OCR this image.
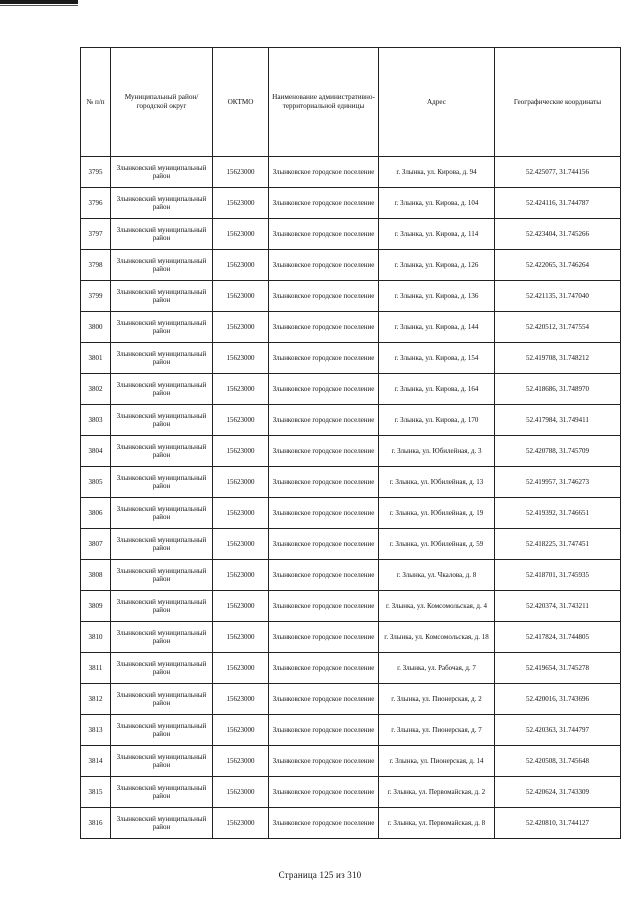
№ п/п	Муниципальный район/городской округ	ОКТМО	Наименование административно-территориальной единицы	Адрес	Географические координаты
3795	Злынковский муниципальный район	15623000	Злынковское городское поселение	г. Злынка, ул. Кирова, д. 94	52.425077, 31.744156
3796	Злынковский муниципальный район	15623000	Злынковское городское поселение	г. Злынка, ул. Кирова, д. 104	52.424116, 31.744787
3797	Злынковский муниципальный район	15623000	Злынковское городское поселение	г. Злынка, ул. Кирова, д. 114	52.423404, 31.745266
3798	Злынковский муниципальный район	15623000	Злынковское городское поселение	г. Злынка, ул. Кирова, д. 126	52.422065, 31.746264
3799	Злынковский муниципальный район	15623000	Злынковское городское поселение	г. Злынка, ул. Кирова, д. 136	52.421135, 31.747040
3800	Злынковский муниципальный район	15623000	Злынковское городское поселение	г. Злынка, ул. Кирова, д. 144	52.420512, 31.747554
3801	Злынковский муниципальный район	15623000	Злынковское городское поселение	г. Злынка, ул. Кирова, д. 154	52.419708, 31.748212
3802	Злынковский муниципальный район	15623000	Злынковское городское поселение	г. Злынка, ул. Кирова, д. 164	52.418686, 31.748970
3803	Злынковский муниципальный район	15623000	Злынковское городское поселение	г. Злынка, ул. Кирова, д. 170	52.417984, 31.749411
3804	Злынковский муниципальный район	15623000	Злынковское городское поселение	г. Злынка, ул. Юбилейная, д. 3	52.420788, 31.745709
3805	Злынковский муниципальный район	15623000	Злынковское городское поселение	г. Злынка, ул. Юбилейная, д. 13	52.419957, 31.746273
3806	Злынковский муниципальный район	15623000	Злынковское городское поселение	г. Злынка, ул. Юбилейная, д. 19	52.419392, 31.746651
3807	Злынковский муниципальный район	15623000	Злынковское городское поселение	г. Злынка, ул. Юбилейная, д. 59	52.418225, 31.747451
3808	Злынковский муниципальный район	15623000	Злынковское городское поселение	г. Злынка, ул. Чкалова, д. 8	52.418701, 31.745935
3809	Злынковский муниципальный район	15623000	Злынковское городское поселение	г. Злынка, ул. Комсомольская, д. 4	52.420374, 31.743211
3810	Злынковский муниципальный район	15623000	Злынковское городское поселение	г. Злынка, ул. Комсомольская, д. 18	52.417824, 31.744805
3811	Злынковский муниципальный район	15623000	Злынковское городское поселение	г. Злынка, ул. Рабочая, д. 7	52.419654, 31.745278
3812	Злынковский муниципальный район	15623000	Злынковское городское поселение	г. Злынка, ул. Пионерская, д. 2	52.420016, 31.743696
3813	Злынковский муниципальный район	15623000	Злынковское городское поселение	г. Злынка, ул. Пионерская, д. 7	52.420363, 31.744797
3814	Злынковский муниципальный район	15623000	Злынковское городское поселение	г. Злынка, ул. Пионерская, д. 14	52.420508, 31.745648
3815	Злынковский муниципальный район	15623000	Злынковское городское поселение	г. Злынка, ул. Первомайская, д. 2	52.420624, 31.743309
3816	Злынковский муниципальный район	15623000	Злынковское городское поселение	г. Злынка, ул. Первомайская, д. 8	52.420810, 31.744127
Страница 125 из 310
